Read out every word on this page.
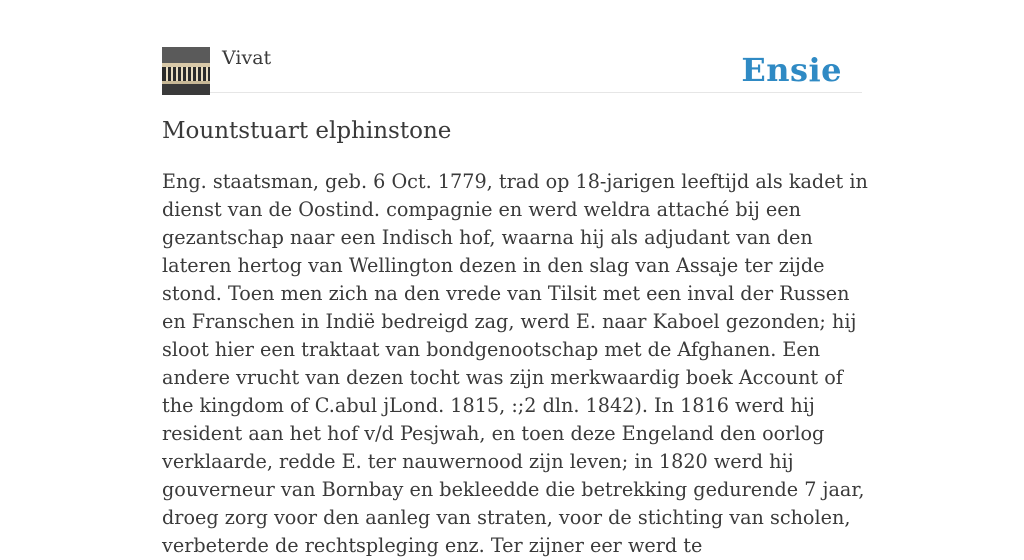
Vivat	Ensie
Mountstuart elphinstone

Eng. staatsman, geb. 6 Oct. 1779, trad op 18-jarigen leeftijd als kadet in dienst van de Oostind. compagnie en werd weldra attaché bij een gezantschap naar een Indisch hof, waarna hij als adjudant van den lateren hertog van Wellington dezen in den slag van Assaje ter zijde stond. Toen men zich na den vrede van Tilsit met een inval der Russen en Franschen in Indië bedreigd zag, werd E. naar Kaboel gezonden; hij sloot hier een traktaat van bondgenootschap met de Afghanen. Een andere vrucht van dezen tocht was zijn merkwaardig boek Account of the kingdom of C.abul jLond. 1815, :;2 dln. 1842). In 1816 werd hij resident aan het hof v/d Pesjwah, en toen deze Engeland den oorlog verklaarde, redde E. ter nauwernood zijn leven; in 1820 werd hij gouverneur van Bornbay en bekleedde die betrekking gedurende 7 jaar, droeg zorg voor den aanleg van straten, voor de stichting van scholen, verbeterde de rechtspleging enz. Ter zijner eer werd te
